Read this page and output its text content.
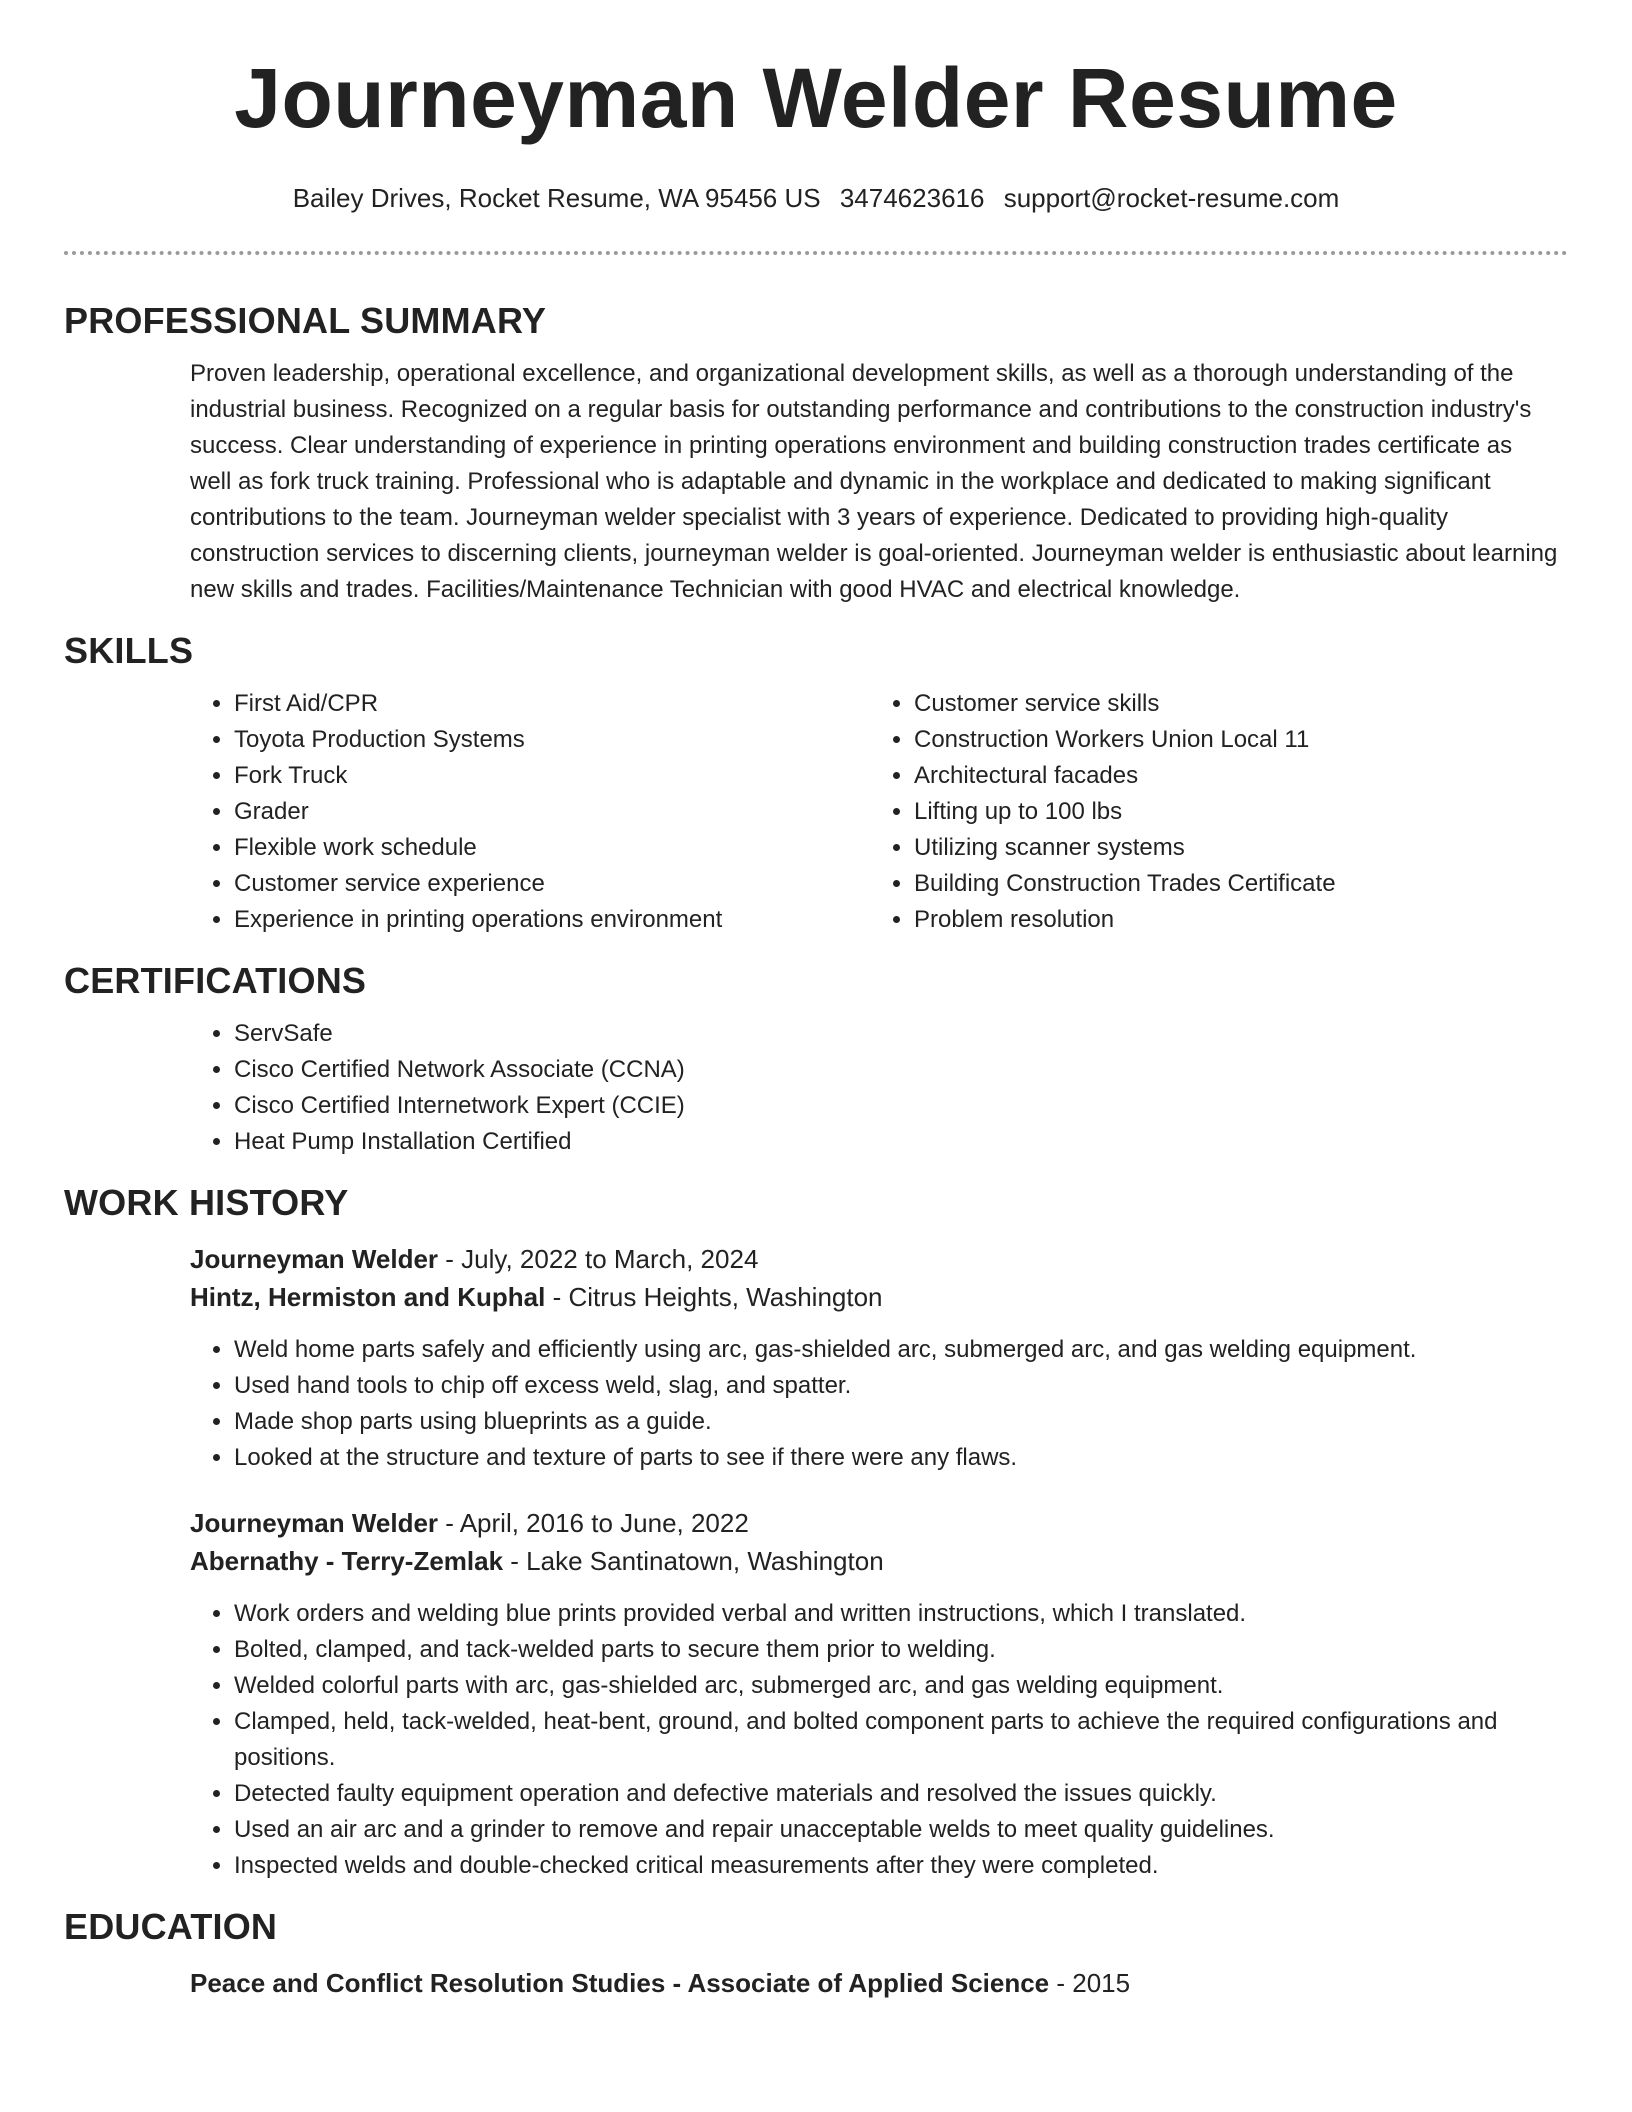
Journeyman Welder Resume
Bailey Drives, Rocket Resume, WA 95456 US 3474623616 support@rocket-resume.com
PROFESSIONAL SUMMARY

Proven leadership, operational excellence, and organizational development skills, as well as a thorough understanding of the industrial business. Recognized on a regular basis for outstanding performance and contributions to the construction industry's success. Clear understanding of experience in printing operations environment and building construction trades certificate as well as fork truck training. Professional who is adaptable and dynamic in the workplace and dedicated to making significant contributions to the team. Journeyman welder specialist with 3 years of experience. Dedicated to providing high-quality construction services to discerning clients, journeyman welder is goal-oriented. Journeyman welder is enthusiastic about learning new skills and trades. Facilities/Maintenance Technician with good HVAC and electrical knowledge.

SKILLS
• First Aid/CPR
• Toyota Production Systems
• Fork Truck
• Grader
• Flexible work schedule
• Customer service experience
• Experience in printing operations environment
• Customer service skills
• Construction Workers Union Local 11
• Architectural facades
• Lifting up to 100 lbs
• Utilizing scanner systems
• Building Construction Trades Certificate
• Problem resolution
CERTIFICATIONS
• ServSafe
• Cisco Certified Network Associate (CCNA)
• Cisco Certified Internetwork Expert (CCIE)
• Heat Pump Installation Certified
WORK HISTORY
Journeyman Welder - July, 2022 to March, 2024
Hintz, Hermiston and Kuphal - Citrus Heights, Washington
• Weld home parts safely and efficiently using arc, gas-shielded arc, submerged arc, and gas welding equipment.
• Used hand tools to chip off excess weld, slag, and spatter.
• Made shop parts using blueprints as a guide.
• Looked at the structure and texture of parts to see if there were any flaws.
Journeyman Welder - April, 2016 to June, 2022
Abernathy - Terry-Zemlak - Lake Santinatown, Washington
• Work orders and welding blue prints provided verbal and written instructions, which I translated.
• Bolted, clamped, and tack-welded parts to secure them prior to welding.
• Welded colorful parts with arc, gas-shielded arc, submerged arc, and gas welding equipment.
• Clamped, held, tack-welded, heat-bent, ground, and bolted component parts to achieve the required configurations and positions.
• Detected faulty equipment operation and defective materials and resolved the issues quickly.
• Used an air arc and a grinder to remove and repair unacceptable welds to meet quality guidelines.
• Inspected welds and double-checked critical measurements after they were completed.
EDUCATION
Peace and Conflict Resolution Studies - Associate of Applied Science - 2015
